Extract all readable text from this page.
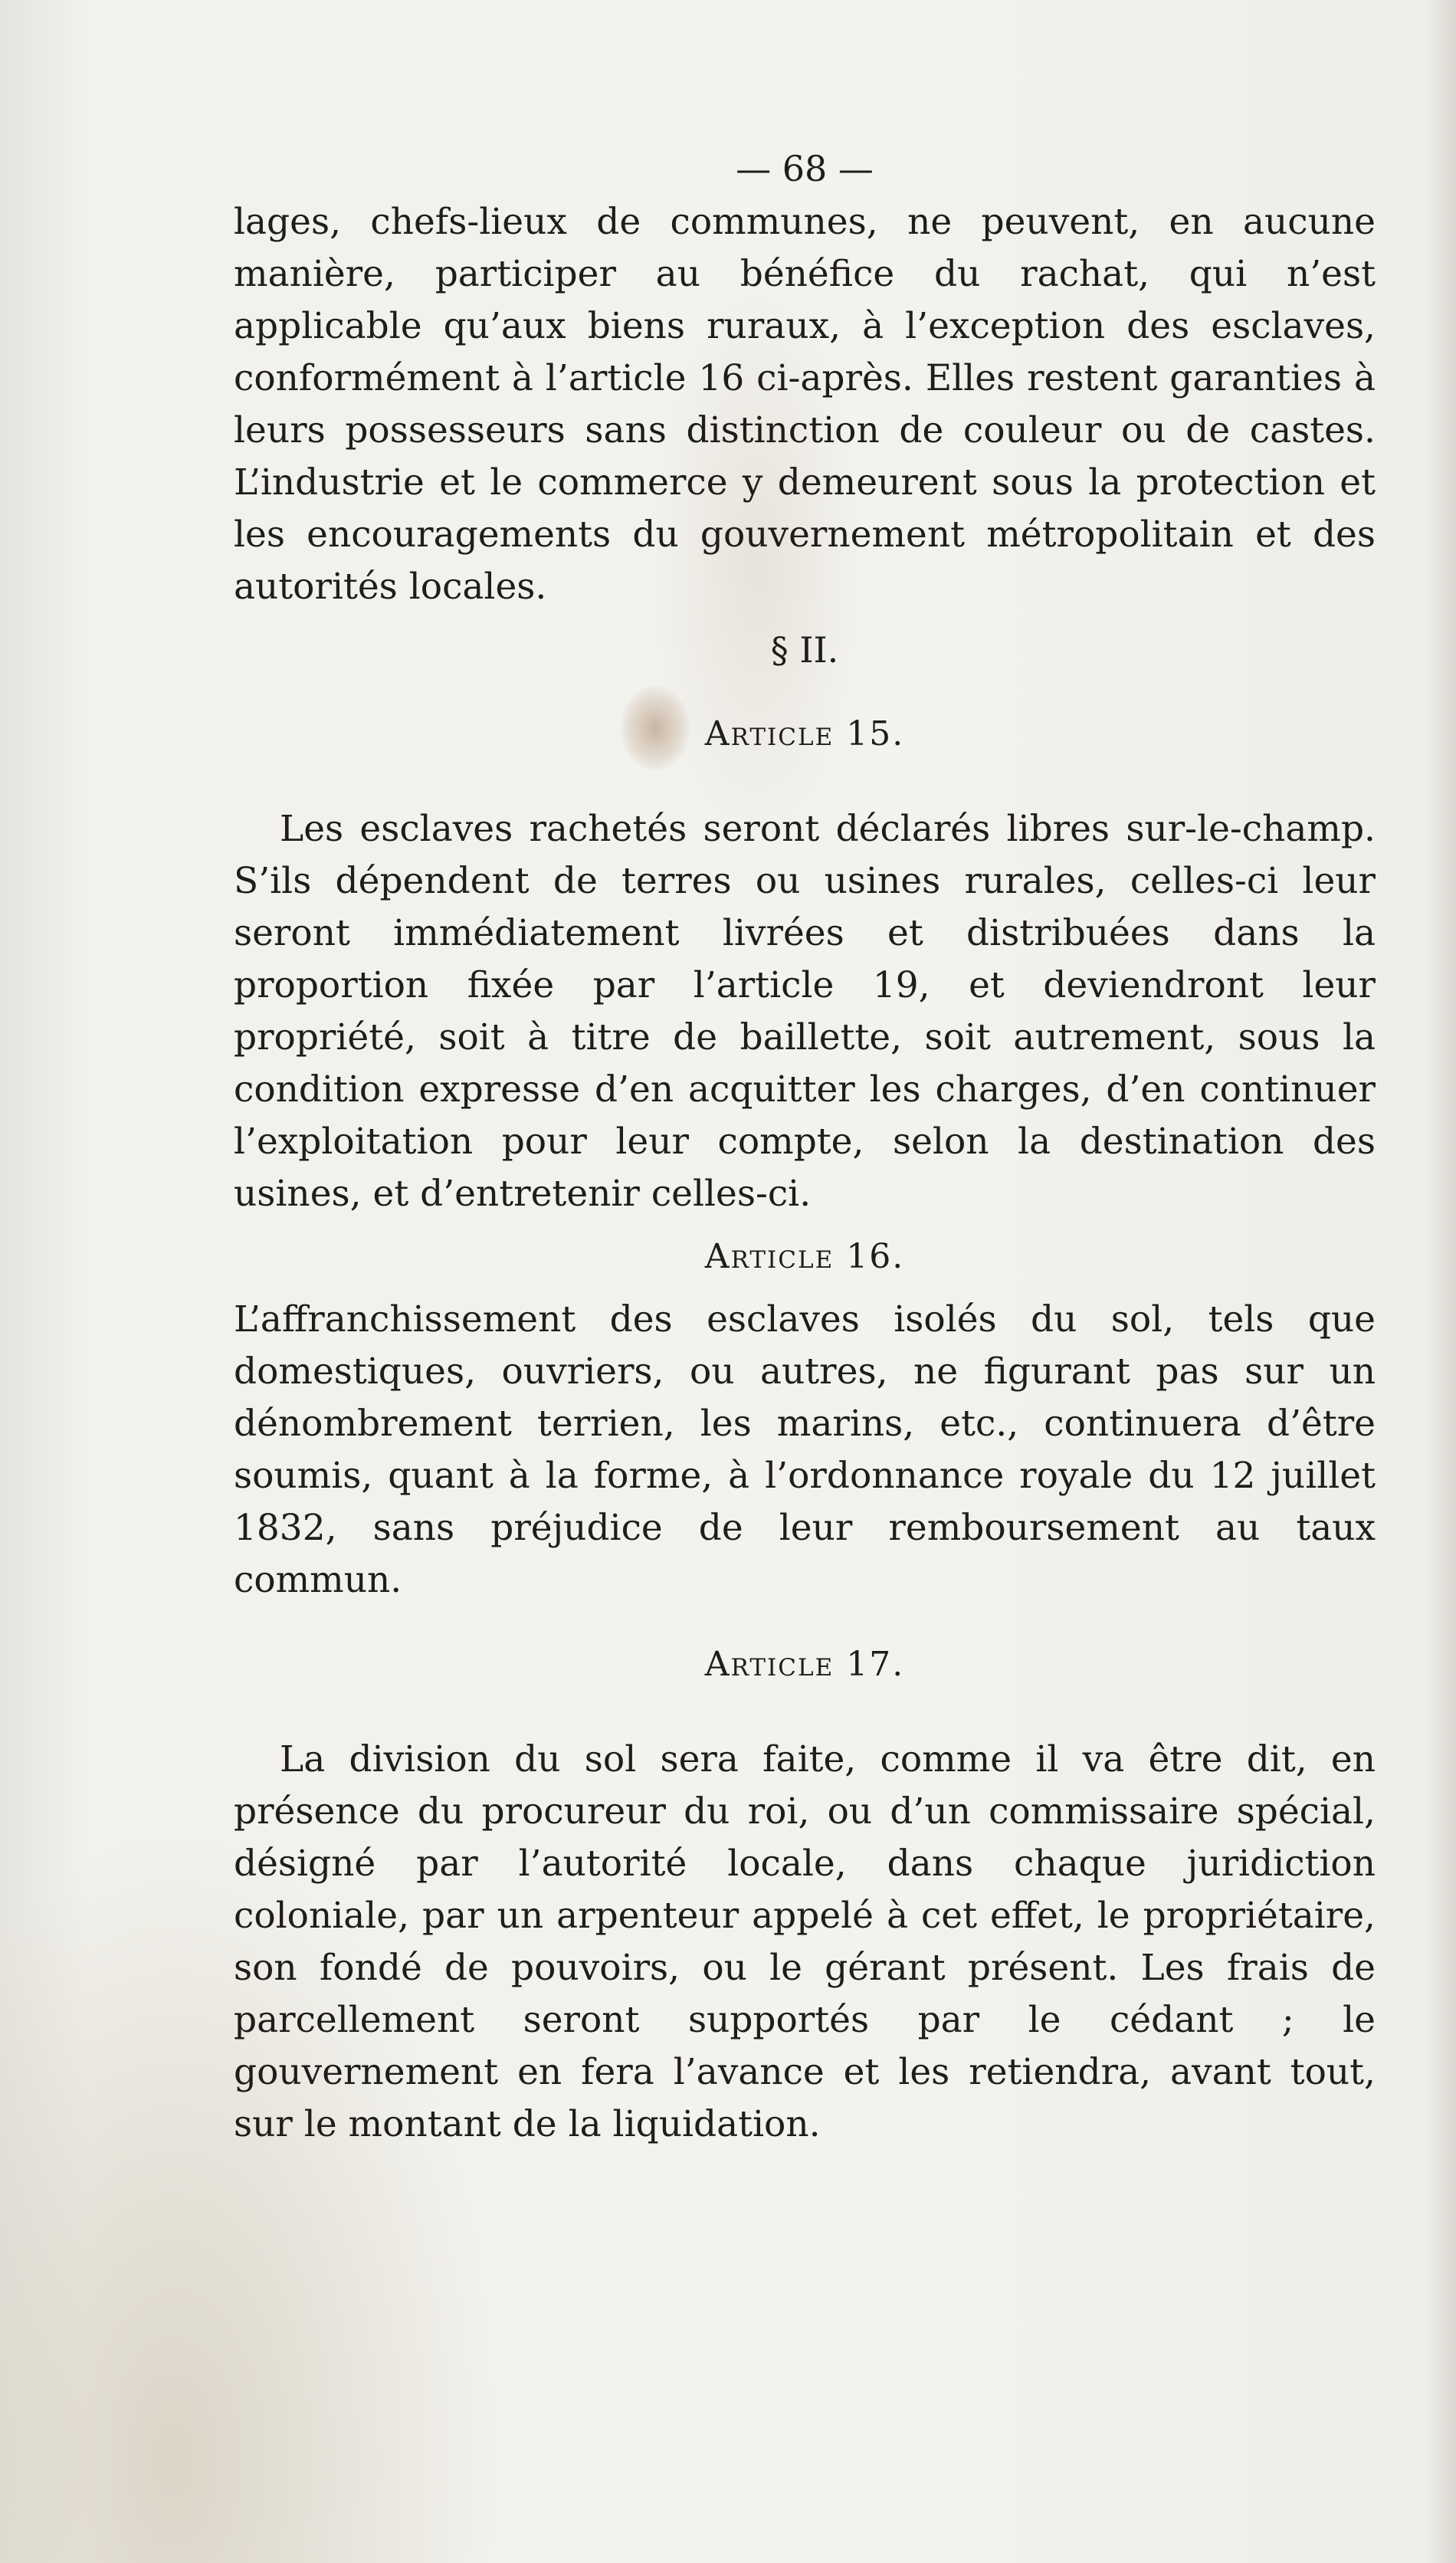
— 68 —

lages, chefs-lieux de communes, ne peuvent, en aucune manière, participer au bénéfice du rachat, qui n’est applicable qu’aux biens ruraux, à l’exception des esclaves, conformément à l’article 16 ci-après. Elles restent garanties à leurs possesseurs sans distinction de couleur ou de castes. L’industrie et le commerce y demeurent sous la protection et les encouragements du gouvernement métropolitain et des autorités locales.

§ II.
Article 15.

Les esclaves rachetés seront déclarés libres sur-le-champ. S’ils dépendent de terres ou usines rurales, celles-ci leur seront immédiatement livrées et distribuées dans la proportion fixée par l’article 19, et deviendront leur propriété, soit à titre de baillette, soit autrement, sous la condition expresse d’en acquitter les charges, d’en continuer l’exploitation pour leur compte, selon la destination des usines, et d’entretenir celles-ci.

Article 16.

L’affranchissement des esclaves isolés du sol, tels que domestiques, ouvriers, ou autres, ne figurant pas sur un dénombrement terrien, les marins, etc., continuera d’être soumis, quant à la forme, à l’ordonnance royale du 12 juillet 1832, sans préjudice de leur remboursement au taux commun.

Article 17.

La division du sol sera faite, comme il va être dit, en présence du procureur du roi, ou d’un commissaire spécial, désigné par l’autorité locale, dans chaque juridiction coloniale, par un arpenteur appelé à cet effet, le propriétaire, son fondé de pouvoirs, ou le gérant présent. Les frais de parcellement seront supportés par le cédant ; le gouvernement en fera l’avance et les retiendra, avant tout, sur le montant de la liquidation.
